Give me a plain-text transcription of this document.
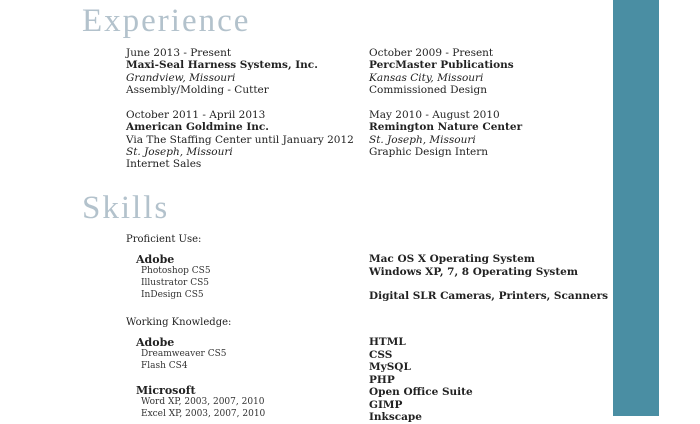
Experience
June 2013 - Present
Maxi-Seal Harness Systems, Inc.
Grandview, Missouri
Assembly/Molding - Cutter
October 2009 - Present
PercMaster Publications
Kansas City, Missouri
Commissioned Design
October 2011 - April 2013
American Goldmine Inc.
Via The Staffing Center until January 2012
St. Joseph, Missouri
Internet Sales
May 2010 - August 2010
Remington Nature Center
St. Joseph, Missouri
Graphic Design Intern
Skills
Proficient Use:
Adobe
Photoshop CS5
Illustrator CS5
InDesign CS5
Mac OS X Operating System
Windows XP, 7, 8 Operating System
Digital SLR Cameras, Printers, Scanners
Working Knowledge:
Adobe
Dreamweaver CS5
Flash CS4
Microsoft
Word XP, 2003, 2007, 2010
Excel XP, 2003, 2007, 2010
HTML
CSS
MySQL
PHP
Open Office Suite
GIMP
Inkscape
